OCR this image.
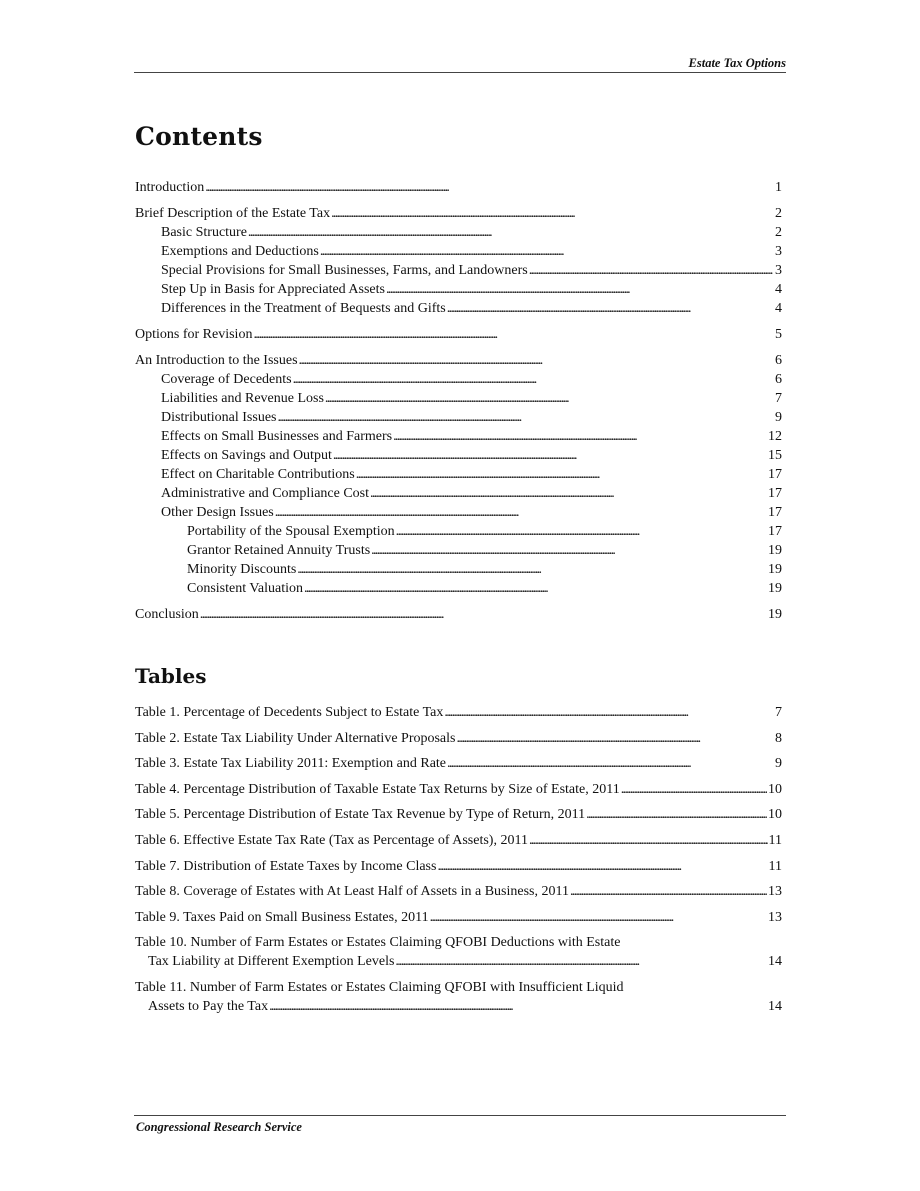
Estate Tax Options
Contents
Introduction . . .	1
Brief Description of the Estate Tax . . .	2
Basic Structure . . .	2
Exemptions and Deductions . . .	3
Special Provisions for Small Businesses, Farms, and Landowners . . .	3
Step Up in Basis for Appreciated Assets . . .	4
Differences in the Treatment of Bequests and Gifts . . .	4
Options for Revision . . .	5
An Introduction to the Issues . . .	6
Coverage of Decedents . . .	6
Liabilities and Revenue Loss . . .	7
Distributional Issues . . .	9
Effects on Small Businesses and Farmers . . .	12
Effects on Savings and Output . . .	15
Effect on Charitable Contributions . . .	17
Administrative and Compliance Cost . . .	17
Other Design Issues . . .	17
Portability of the Spousal Exemption . . .	17
Grantor Retained Annuity Trusts . . .	19
Minority Discounts . . .	19
Consistent Valuation . . .	19
Conclusion . . .	19
Tables
Table 1. Percentage of Decedents Subject to Estate Tax . . .	7
Table 2. Estate Tax Liability Under Alternative Proposals . . .	8
Table 3. Estate Tax Liability 2011: Exemption and Rate . . .	9
Table 4. Percentage Distribution of Taxable Estate Tax Returns by Size of Estate, 2011 . . .	10
Table 5. Percentage Distribution of Estate Tax Revenue by Type of Return, 2011 . . .	10
Table 6. Effective Estate Tax Rate (Tax as Percentage of Assets), 2011 . . .	11
Table 7. Distribution of Estate Taxes by Income Class . . .	11
Table 8. Coverage of Estates with At Least Half of Assets in a Business, 2011 . . .	13
Table 9. Taxes Paid on Small Business Estates, 2011 . . .	13
Table 10. Number of Farm Estates or Estates Claiming QFOBI Deductions with Estate
Tax Liability at Different Exemption Levels . . .	14
Table 11. Number of Farm Estates or Estates Claiming QFOBI with Insufficient Liquid
Assets to Pay the Tax . . .	14
Congressional Research Service
